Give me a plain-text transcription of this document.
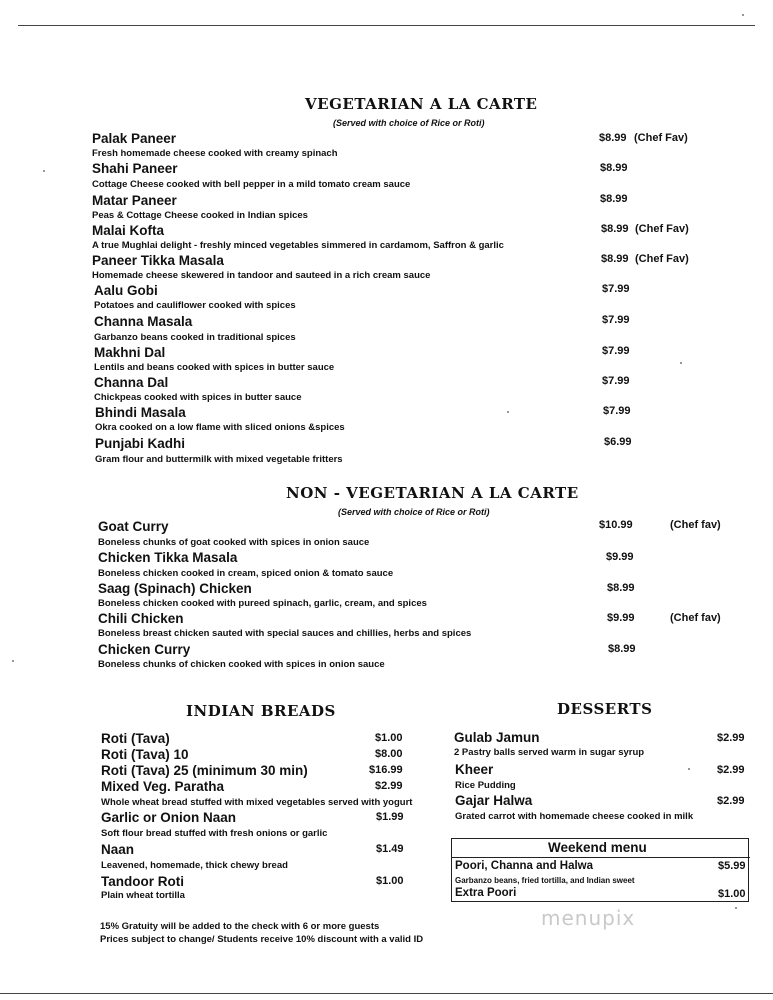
VEGETARIAN A LA CARTE
(Served with choice of Rice or Roti)
Palak Paneer
Fresh homemade cheese cooked with creamy spinach
$8.99 (Chef Fav)
Shahi Paneer
Cottage Cheese cooked with bell pepper in a mild tomato cream sauce
$8.99
Matar Paneer
Peas & Cottage Cheese cooked in Indian spices
$8.99
Malai Kofta
A true Mughlai delight - freshly minced vegetables simmered in cardamom, Saffron & garlic
$8.99 (Chef Fav)
Paneer Tikka Masala
Homemade cheese skewered in tandoor and sauteed in a rich cream sauce
$8.99 (Chef Fav)
Aalu Gobi
Potatoes and cauliflower cooked with spices
$7.99
Channa Masala
Garbanzo beans cooked in traditional spices
$7.99
Makhni Dal
Lentils and beans cooked with spices in butter sauce
$7.99
Channa Dal
Chickpeas cooked with spices in butter sauce
$7.99
Bhindi Masala
Okra cooked on a low flame with sliced onions &spices
$7.99
Punjabi Kadhi
Gram flour and buttermilk with mixed vegetable fritters
$6.99
NON - VEGETARIAN A LA CARTE
(Served with choice of Rice or Roti)
Goat Curry
Boneless chunks of goat cooked with spices in onion sauce
$10.99	(Chef fav)
Chicken Tikka Masala
Boneless chicken cooked in cream, spiced onion & tomato sauce
$9.99
Saag (Spinach) Chicken
Boneless chicken cooked with pureed spinach, garlic, cream, and spices
$8.99
Chili Chicken
Boneless breast chicken sauted with special sauces and chillies, herbs and spices
$9.99	(Chef fav)
Chicken Curry
Boneless chunks of chicken cooked with spices in onion sauce
$8.99
INDIAN BREADS
Roti (Tava)	$1.00
Roti (Tava) 10	$8.00
Roti (Tava) 25 (minimum 30 min)	$16.99
Mixed Veg. Paratha
Whole wheat bread stuffed with mixed vegetables served with yogurt
$2.99
Garlic or Onion Naan
Soft flour bread stuffed with fresh onions or garlic
$1.99
Naan
Leavened, homemade, thick chewy bread
$1.49
Tandoor Roti
Plain wheat tortilla
$1.00
DESSERTS
Gulab Jamun
2 Pastry balls served warm in sugar syrup
$2.99
Kheer
Rice Pudding
$2.99
Gajar Halwa
Grated carrot with homemade cheese cooked in milk
$2.99
Weekend menu
Poori, Channa and Halwa
Garbanzo beans, fried tortilla, and Indian sweet
$5.99
Extra Poori	$1.00
15% Gratuity will be added to the check with 6 or more guests
Prices subject to change/ Students receive 10% discount with a valid ID
menupix
